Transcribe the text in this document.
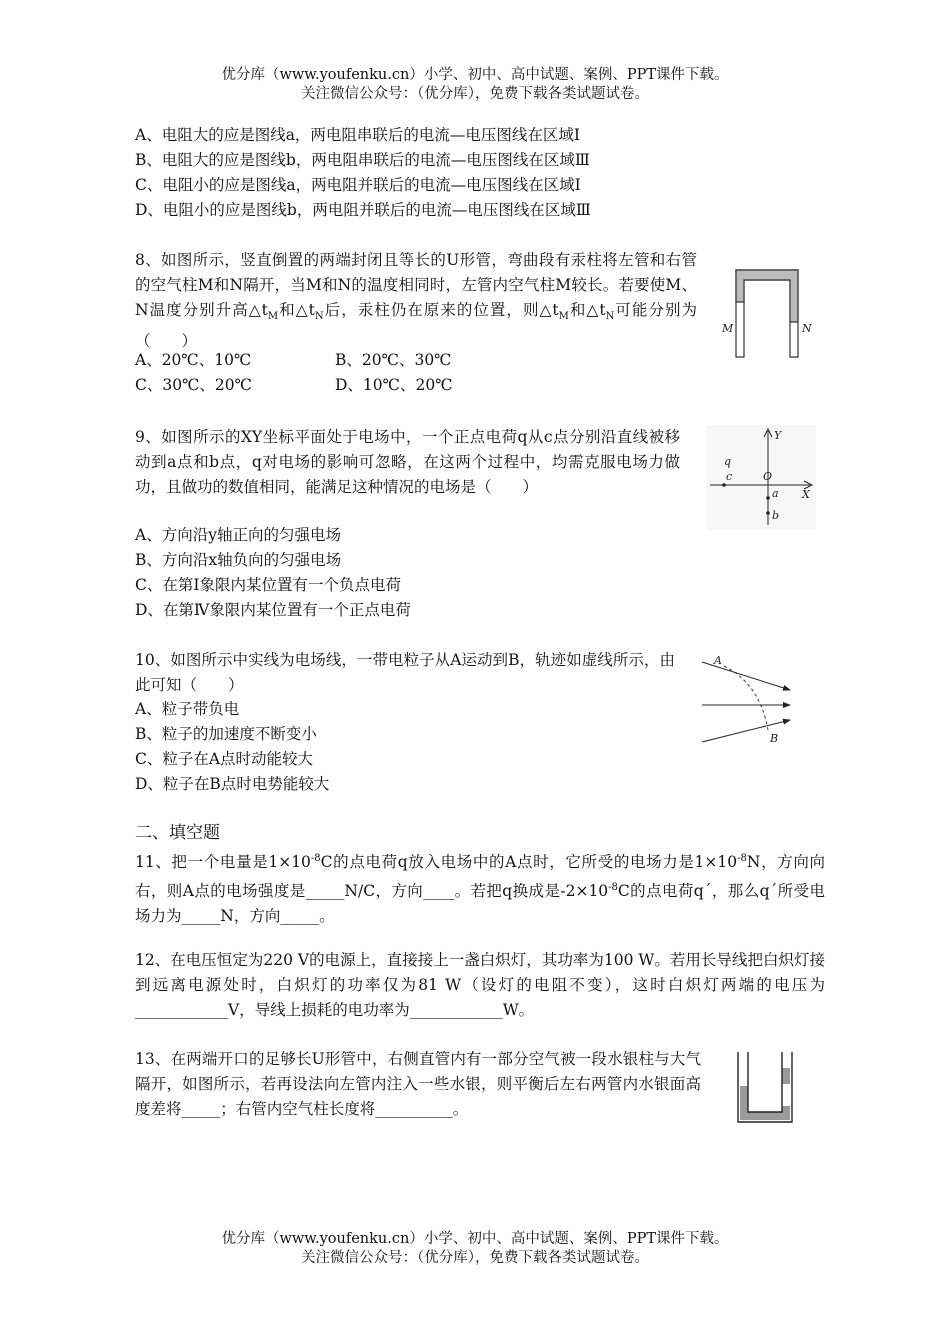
优分库（www.youfenku.cn）小学、初中、高中试题、案例、PPT课件下载。
关注微信公众号：（优分库），免费下载各类试题试卷。
A、电阻大的应是图线a，两电阻串联后的电流—电压图线在区域Ⅰ
B、电阻大的应是图线b，两电阻串联后的电流—电压图线在区域Ⅲ
C、电阻小的应是图线a，两电阻并联后的电流—电压图线在区域Ⅰ
D、电阻小的应是图线b，两电阻并联后的电流—电压图线在区域Ⅲ
8、如图所示，竖直倒置的两端封闭且等长的U形管，弯曲段有汞柱将左管和右管的空气柱M和N隔开，当M和N的温度相同时，左管内空气柱M较长。若要使M、N温度分别升高$\triangle t_M$和$\triangle t_N$后，汞柱仍在原来的位置，则$\triangle t_M$和$\triangle t_N$可能分别为（　　）
A、20℃、10℃	B、20℃、30℃
C、30℃、20℃	D、10℃、20℃
M	N
9、如图所示的XY坐标平面处于电场中，一个正点电荷q从c点分别沿直线被移动到a点和b点，q对电场的影响可忽略，在这两个过程中，均需克服电场力做功，且做功的数值相同，能满足这种情况的电场是（　　）
A、方向沿y轴正向的匀强电场
B、方向沿x轴负向的匀强电场
C、在第Ⅰ象限内某位置有一个负点电荷
D、在第Ⅳ象限内某位置有一个正点电荷
Y
X
q
c	O
a
b
10、如图所示中实线为电场线，一带电粒子从A运动到B，轨迹如虚线所示，由此可知（　　）
A、粒子带负电
B、粒子的加速度不断变小
C、粒子在A点时动能较大
D、粒子在B点时电势能较大
A
B
二、填空题
11、把一个电量是$1\times 10^{-8}C$的点电荷q放入电场中的A点时，它所受的电场力是$1\times 10^{-8}N$，方向向右，则A点的电场强度是_____N/C，方向____。若把q换成是$-2\times 10^{-8}C$的点电荷q´，那么q´所受电场力为_____N，方向_____。
12、在电压恒定为220 V的电源上，直接接上一盏白炽灯，其功率为100 W。若用长导线把白炽灯接到远离电源处时，白炽灯的功率仅为81 W（设灯的电阻不变），这时白炽灯两端的电压为____________V，导线上损耗的电功率为____________W。
13、在两端开口的足够长U形管中，右侧直管内有一部分空气被一段水银柱与大气隔开，如图所示，若再设法向左管内注入一些水银，则平衡后左右两管内水银面高度差将_____；右管内空气柱长度将__________。
优分库（www.youfenku.cn）小学、初中、高中试题、案例、PPT课件下载。
关注微信公众号：（优分库），免费下载各类试题试卷。
